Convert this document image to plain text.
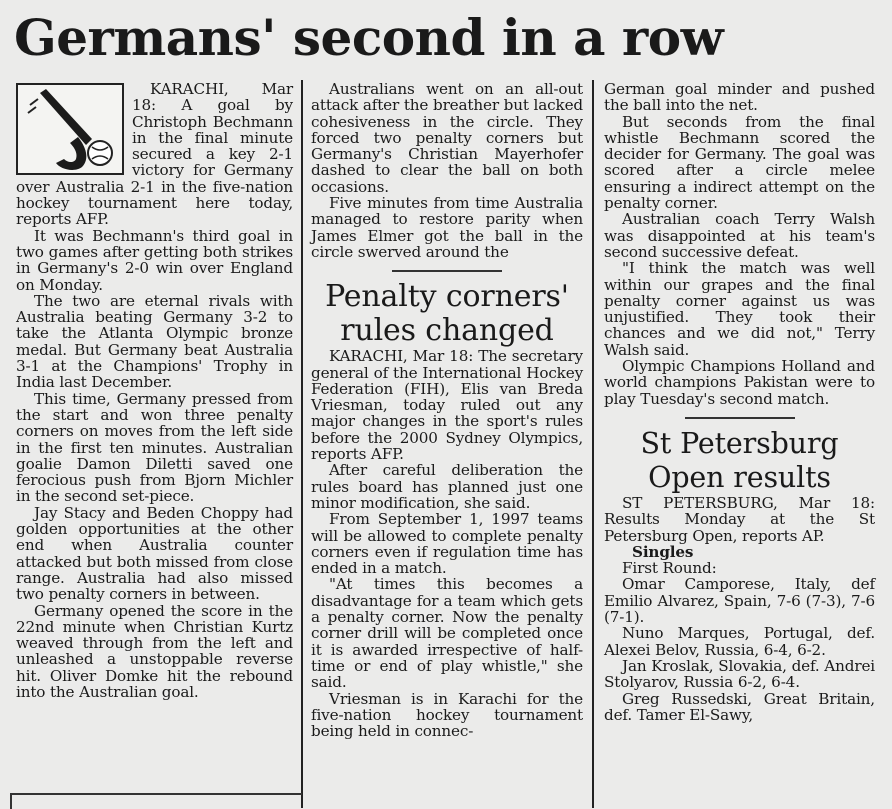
Germans' second in a row

KARACHI, Mar 18: A goal by Christoph Bechmann in the final minute secured a key 2-1 victory for Germany over Australia 2-1 in the five-nation hockey tournament here today, reports AFP.

It was Bechmann's third goal in two games after getting both strikes in Germany's 2-0 win over England on Monday.

The two are eternal rivals with Australia beating Germany 3-2 to take the Atlanta Olympic bronze medal. But Germany beat Australia 3-1 at the Champions' Trophy in India last December.

This time, Germany pressed from the start and won three penalty corners on moves from the left side in the first ten minutes. Australian goalie Damon Diletti saved one ferocious push from Bjorn Michler in the second set-piece.

Jay Stacy and Beden Choppy had golden opportunities at the other end when Australia counter attacked but both missed from close range. Australia had also missed two penalty corners in between.

Germany opened the score in the 22nd minute when Christian Kurtz weaved through from the left and unleashed a unstoppable reverse hit. Oliver Domke hit the rebound into the Australian goal.

Australians went on an all-out attack after the breather but lacked cohesiveness in the circle. They forced two penalty corners but Germany's Christian Mayerhofer dashed to clear the ball on both occasions.

Five minutes from time Australia managed to restore parity when James Elmer got the ball in the circle swerved around the

Penalty corners' rules changed

KARACHI, Mar 18: The secretary general of the International Hockey Federation (FIH), Elis van Breda Vriesman, today ruled out any major changes in the sport's rules before the 2000 Sydney Olympics, reports AFP.

After careful deliberation the rules board has planned just one minor modification, she said.

From September 1, 1997 teams will be allowed to complete penalty corners even if regulation time has ended in a match.

"At times this becomes a disadvantage for a team which gets a penalty corner. Now the penalty corner drill will be completed once it is awarded irrespective of half-time or end of play whistle," she said.

Vriesman is in Karachi for the five-nation hockey tournament being held in connec-

German goal minder and pushed the ball into the net.

But seconds from the final whistle Bechmann scored the decider for Germany. The goal was scored after a circle melee ensuring a indirect attempt on the penalty corner.

Australian coach Terry Walsh was disappointed at his team's second successive defeat.

"I think the match was well within our grapes and the final penalty corner against us was unjustified. They took their chances and we did not," Terry Walsh said.

Olympic Champions Holland and world champions Pakistan were to play Tuesday's second match.

St Petersburg Open results

ST PETERSBURG, Mar 18: Results Monday at the St Petersburg Open, reports AP.

Singles

First Round:

Omar Camporese, Italy, def Emilio Alvarez, Spain, 7-6 (7-3), 7-6 (7-1).

Nuno Marques, Portugal, def. Alexei Belov, Russia, 6-4, 6-2.

Jan Kroslak, Slovakia, def. Andrei Stolyarov, Russia 6-2, 6-4.

Greg Russedski, Great Britain, def. Tamer El-Sawy,
